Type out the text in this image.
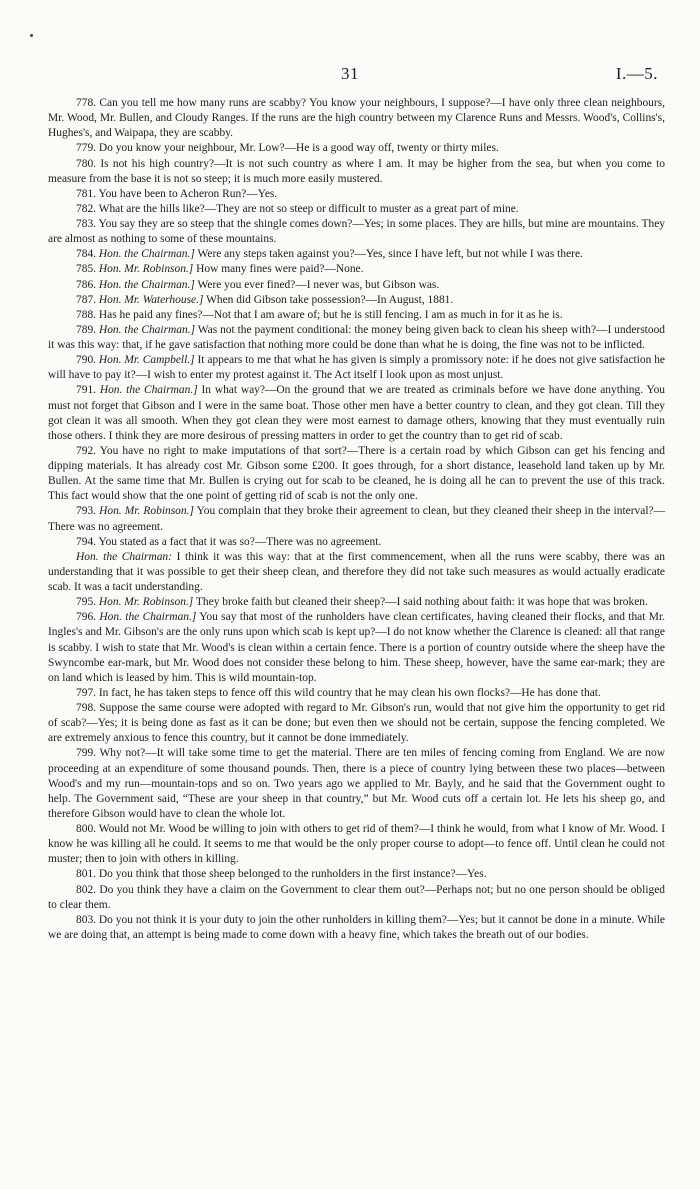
31	I.—5.

778. Can you tell me how many runs are scabby? You know your neighbours, I suppose?—I have only three clean neighbours, Mr. Wood, Mr. Bullen, and Cloudy Ranges. If the runs are the high country between my Clarence Runs and Messrs. Wood's, Collins's, Hughes's, and Waipapa, they are scabby.

779. Do you know your neighbour, Mr. Low?—He is a good way off, twenty or thirty miles.

780. Is not his high country?—It is not such country as where I am. It may be higher from the sea, but when you come to measure from the base it is not so steep; it is much more easily mustered.

781. You have been to Acheron Run?—Yes.

782. What are the hills like?—They are not so steep or difficult to muster as a great part of mine.

783. You say they are so steep that the shingle comes down?—Yes; in some places. They are hills, but mine are mountains. They are almost as nothing to some of these mountains.

784. Hon. the Chairman.] Were any steps taken against you?—Yes, since I have left, but not while I was there.

785. Hon. Mr. Robinson.] How many fines were paid?—None.

786. Hon. the Chairman.] Were you ever fined?—I never was, but Gibson was.

787. Hon. Mr. Waterhouse.] When did Gibson take possession?—In August, 1881.

788. Has he paid any fines?—Not that I am aware of; but he is still fencing. I am as much in for it as he is.

789. Hon. the Chairman.] Was not the payment conditional: the money being given back to clean his sheep with?—I understood it was this way: that, if he gave satisfaction that nothing more could be done than what he is doing, the fine was not to be inflicted.

790. Hon. Mr. Campbell.] It appears to me that what he has given is simply a promissory note: if he does not give satisfaction he will have to pay it?—I wish to enter my protest against it. The Act itself I look upon as most unjust.

791. Hon. the Chairman.] In what way?—On the ground that we are treated as criminals before we have done anything. You must not forget that Gibson and I were in the same boat. Those other men have a better country to clean, and they got clean. Till they got clean it was all smooth. When they got clean they were most earnest to damage others, knowing that they must eventually ruin those others. I think they are more desirous of pressing matters in order to get the country than to get rid of scab.

792. You have no right to make imputations of that sort?—There is a certain road by which Gibson can get his fencing and dipping materials. It has already cost Mr. Gibson some £200. It goes through, for a short distance, leasehold land taken up by Mr. Bullen. At the same time that Mr. Bullen is crying out for scab to be cleaned, he is doing all he can to prevent the use of this track. This fact would show that the one point of getting rid of scab is not the only one.

793. Hon. Mr. Robinson.] You complain that they broke their agreement to clean, but they cleaned their sheep in the interval?—There was no agreement.

794. You stated as a fact that it was so?—There was no agreement.

Hon. the Chairman: I think it was this way: that at the first commencement, when all the runs were scabby, there was an understanding that it was possible to get their sheep clean, and therefore they did not take such measures as would actually eradicate scab. It was a tacit understanding.

795. Hon. Mr. Robinson.] They broke faith but cleaned their sheep?—I said nothing about faith: it was hope that was broken.

796. Hon. the Chairman.] You say that most of the runholders have clean certificates, having cleaned their flocks, and that Mr. Ingles's and Mr. Gibson's are the only runs upon which scab is kept up?—I do not know whether the Clarence is cleaned: all that range is scabby. I wish to state that Mr. Wood's is clean within a certain fence. There is a portion of country outside where the sheep have the Swyncombe ear-mark, but Mr. Wood does not consider these belong to him. These sheep, however, have the same ear-mark; they are on land which is leased by him. This is wild mountain-top.

797. In fact, he has taken steps to fence off this wild country that he may clean his own flocks?—He has done that.

798. Suppose the same course were adopted with regard to Mr. Gibson's run, would that not give him the opportunity to get rid of scab?—Yes; it is being done as fast as it can be done; but even then we should not be certain, suppose the fencing completed. We are extremely anxious to fence this country, but it cannot be done immediately.

799. Why not?—It will take some time to get the material. There are ten miles of fencing coming from England. We are now proceeding at an expenditure of some thousand pounds. Then, there is a piece of country lying between these two places—between Wood's and my run—mountain-tops and so on. Two years ago we applied to Mr. Bayly, and he said that the Government ought to help. The Government said, “These are your sheep in that country,” but Mr. Wood cuts off a certain lot. He lets his sheep go, and therefore Gibson would have to clean the whole lot.

800. Would not Mr. Wood be willing to join with others to get rid of them?—I think he would, from what I know of Mr. Wood. I know he was killing all he could. It seems to me that would be the only proper course to adopt—to fence off. Until clean he could not muster; then to join with others in killing.

801. Do you think that those sheep belonged to the runholders in the first instance?—Yes.

802. Do you think they have a claim on the Government to clear them out?—Perhaps not; but no one person should be obliged to clear them.

803. Do you not think it is your duty to join the other runholders in killing them?—Yes; but it cannot be done in a minute. While we are doing that, an attempt is being made to come down with a heavy fine, which takes the breath out of our bodies.
